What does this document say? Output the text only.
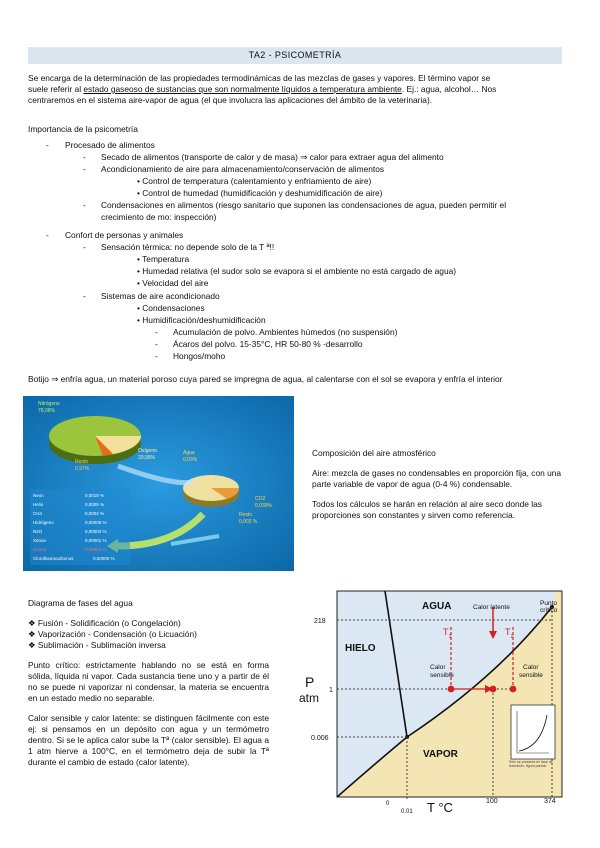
TA2 - PSICOMETRÍA
Se encarga de la determinación de las propiedades termodinámicas de las mezclas de gases y vapores. El término vapor se
suele referir al estado gaseoso de sustancias que son normalmente líquidos a temperatura ambiente. Ej.: agua, alcohol… Nos
centraremos en el sistema aire-vapor de agua (el que involucra las aplicaciones del ámbito de la veterinaria).
Importancia de la psicometría
- Procesado de alimentos
- Secado de alimentos (transporte de calor y de masa) ⇒ calor para extraer agua del alimento
- Acondicionamiento de aire para almacenamiento/conservación de alimentos
• Control de temperatura (calentamiento y enfriamiento de aire)
• Control de humedad (humidificación y deshumidificación de aire)
- Condensaciones en alimentos (riesgo sanitario que suponen las condensaciones de agua, pueden permitir el
crecimiento de mo: inspección)
- Confort de personas y animales
- Sensación térmica: no depende solo de la T ª!!
• Temperatura
• Humedad relativa (el sudor solo se evapora si el ambiente no está cargado de agua)
• Velocidad del aire
- Sistemas de aire acondicionado
• Condensaciones
• Humidificación/deshumidificación
- Acumulación de polvo. Ambientes húmedos (no suspensión)
- Ácaros del polvo. 15-35°C, HR 50-80 % -desarrollo
- Hongos/moho
Botijo ⇒ enfría agua, un material poroso cuya pared se impregna de agua, al calentarse con el sol se evapora y enfría el interior
Nitrógeno
78,08%
Oxígeno
20,95%
Resto
0,97%
Agua
0,03%
CO2
0,039%
Resto
0,003 %
Neon	0,0018 %
Helio	0,0005 %
CH4	0,0002 %
Hidrógeno	0,00005 %
N2O	0,00003 %
Xenon	0,00001 %
Ozono	0,00004 %
Clorofluorocarbonos	0,00000 %

Composición del aire atmosférico

Aire: mezcla de gases no condensables en proporción fija, con una parte variable de vapor de agua (0-4 %) condensable.

Todos los cálculos se harán en relación al aire seco donde las proporciones son constantes y sirven como referencia.

Diagrama de fases del agua

❖ Fusión - Solidificación (o Congelación)
❖ Vaporización - Condensación (o Licuación)
❖ Sublimación - Sublimación inversa

Punto crítico: estrictamente hablando no se está en forma sólida, líquida ni vapor. Cada sustancia tiene uno y a partir de él no se puede ni vaporizar ni condensar, la materia se encuentra en un estado medio no separable.

Calor sensible y calor latente: se distinguen fácilmente con este ej: si pensamos en un depósito con agua y un termómetro dentro. Si se le aplica calor sube la Tª (calor sensible). El agua a 1 atm hierve a 100°C, en el termómetro deja de subir la Tª durante el cambio de estado (calor latente).	Sólo se presenta en fase de transición, figura parcial.
AGUA
HIELO
VAPOR
Calor latente
Punto
crítico
$T_1$	$T_2$
Calor
sensible
Calor
sensible
P
atm
218
1
0.006
0
0.01
100	374
T °C
